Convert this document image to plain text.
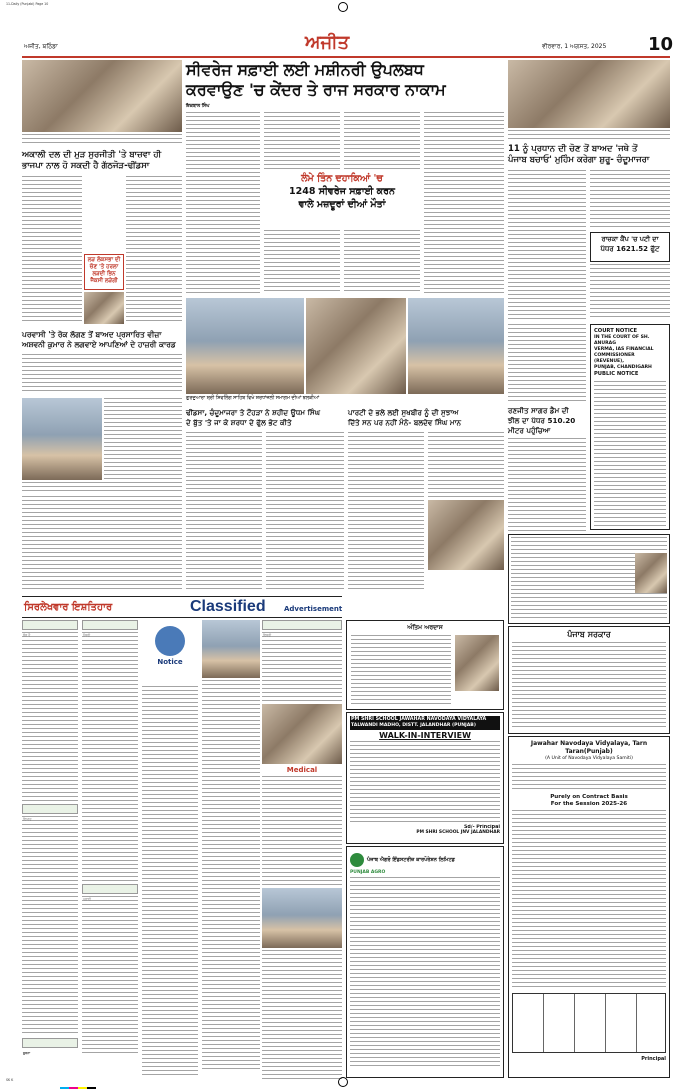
11-Daily (Punjabi) Page 10
ਅਜੀਤ, ਬਠਿੰਡਾ	ਅਜੀਤ	ਵੀਰਵਾਰ, 1 ਅਗਸਤ, 2025 10
ਅਕਾਲੀ ਦਲ ਦੀ ਮੁੜ ਸੁਰਜੀਤੀ 'ਤੇ ਬਾਜ਼ਵਾ ਹੀ
ਭਾਜਪਾ ਨਾਲ ਹੋ ਸਕਦੀ ਹੈ ਗੱਠਜੋੜ-ਢੀਂਡਸਾ
ਲੜ ਲੋਕਸਭਾ ਦੀ ਚੋਣ 'ਤੇ ਹਰਲਾ ਲੜਦੀ ਭਿਨ ਜੈਕਸੀ ਲੜੇਗੀ
ਪਰਵਾਸੀ 'ਤੇ ਰੋਕ ਲੱਗਣ ਤੋਂ ਬਾਅਦ ਪ੍ਰਸਾਰਿਤ ਵੀਜ਼ਾ
ਅਸ਼ਵਨੀ ਕੁਮਾਰ ਨੇ ਲਗਵਾਏ ਆਪਣਿਆਂ ਦੇ ਹਾਜ਼ਰੀ ਕਾਰਡ
ਸੀਵਰੇਜ ਸਫ਼ਾਈ ਲਈ ਮਸ਼ੀਨਰੀ ਉਪਲਬਧ
ਕਰਵਾਉਣ 'ਚ ਕੇਂਦਰ ਤੇ ਰਾਜ ਸਰਕਾਰ ਨਾਕਾਮ
ਇਕਬਾਲ ਸਿੰਘ
ਲੰਮੇ ਤਿੰਨ ਦਹਾਕਿਆਂ 'ਚ
1248 ਸੀਵਰੇਜ ਸਫ਼ਾਈ ਕਰਨ
ਵਾਲੇ ਮਜ਼ਦੂਰਾਂ ਦੀਆਂ ਮੌਤਾਂ
11 ਨੂੰ ਪ੍ਰਧਾਨ ਦੀ ਚੋਣ ਤੋਂ ਬਾਅਦ 'ਜਥੇ ਤੋਂ
ਪੰਜਾਬ ਬਚਾਓ' ਮੁਹਿੰਮ ਕਰੇਗਾ ਸ਼ੁਰੂ- ਚੰਦੂਮਾਜਰਾ
ਰਾਜ਼ਕਾ ਕੈਂਪ 'ਚ ਪਟੀ ਦਾ
ਪੱਧਰ 1621.52 ਫੁੱਟ
COURT NOTICE
IN THE COURT OF SH. ANURAG
VERMA, IAS FINANCIAL
COMMISSIONER (REVENUE),
PUNJAB, CHANDIGARH
PUBLIC NOTICE
ਗੁਰਦੁਆਰਾ ਸ਼੍ਰੀ ਸ਼ਿਵਲਿੰਗ ਸਾਹਿਬ ਵਿਖੇ ਸ਼ਰਧਾਂਜਲੀ ਸਮਾਗਮ ਦੀਆਂ ਝਲਕੀਆਂ
ਰਣਜੀਤ ਸਾਗਰ ਡੈਮ ਦੀ
ਝੀਲ ਦਾ ਪੱਧਰ 510.20
ਮੀਟਰ ਪਹੁੰਚਿਆ
ਢੀਂਡਸਾ, ਚੰਦੂਮਾਜਰਾ ਤੇ ਟੌਹੜਾ ਨੇ ਸ਼ਹੀਦ ਊਧਮ ਸਿੰਘ
ਦੇ ਬੁੱਤ 'ਤੇ ਜਾ ਕੇ ਸ਼ਰਧਾ ਦੇ ਫੁੱਲ ਭੇਟ ਕੀਤੇ
ਪਾਰਟੀ ਦੇ ਭਲੇ ਲਈ ਸੁਖਬੀਰ ਨੂੰ ਦੀ ਸੁਝਾਅ
ਦਿੱਤੇ ਸਨ ਪਰ ਨਹੀਂ ਮੰਨੇ- ਬਲਦੇਵ ਸਿੰਘ ਮਾਨ
ਸਿਰਲੇਖਵਾਰ ਇਸ਼ਤਿਹਾਰ	Classified	Advertisement
ਸੂਚਨਾ
Notice
Medical
ਅੰਤਿਮ ਅਰਦਾਸ
PM SHRI SCHOOL JAWAHAR NAVODAYA VIDYALAYA
TALWANDI MADHO, DISTT. JALANDHAR (PUNJAB)
WALK-IN-INTERVIEW
Sd/- Principal
PM SHRI SCHOOL JNV JALANDHAR
ਪੰਜਾਬ ਐਗਰੋ ਇੰਡਸਟਰੀਜ਼ ਕਾਰਪੋਰੇਸ਼ਨ ਲਿਮਿਟਡ
PUNJAB AGRO
ਪੰਜਾਬ ਸਰਕਾਰ
Jawahar Navodaya Vidyalaya, Tarn Taran(Punjab)
(A Unit of Navodaya Vidyalaya Samiti)
Purely on Contract Basis
For the Session 2025-26
Principal
SK K
